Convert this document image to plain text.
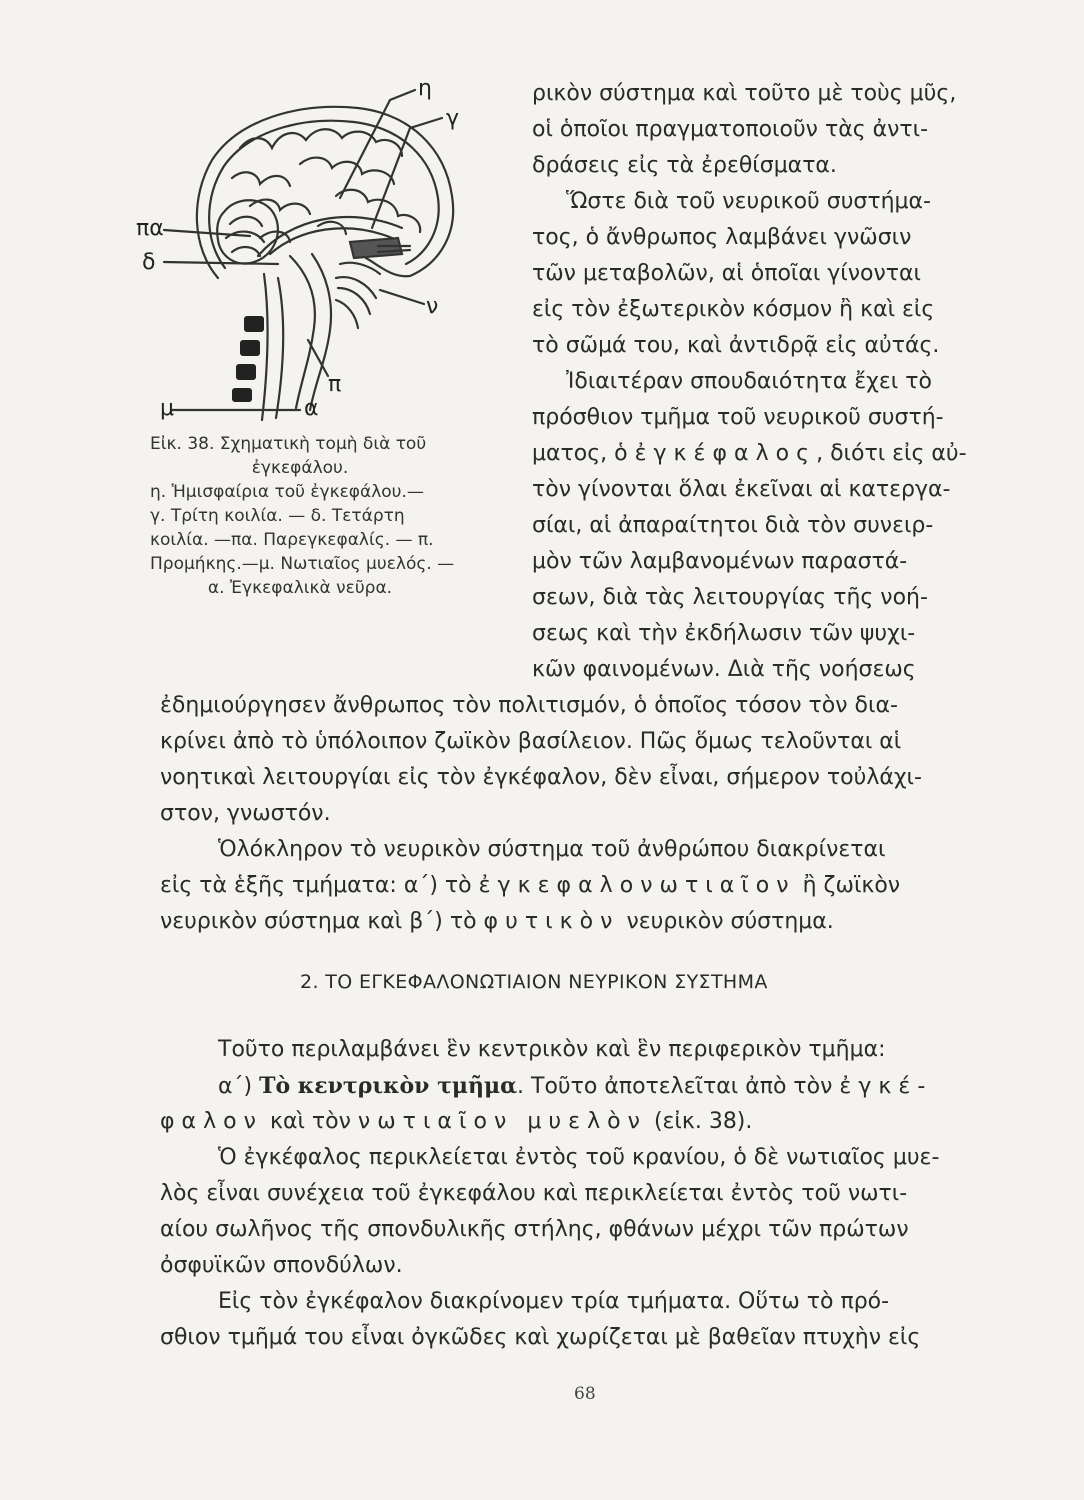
η
γ
πα
δ
ν
π
μ	α
Εἰκ. 38. Σχηματικὴ τομὴ διὰ τοῦ
ἐγκεφάλου.
η. Ἡμισφαίρια τοῦ ἐγκεφάλου.—
γ. Τρίτη κοιλία. — δ. Τετάρτη
κοιλία. —πα. Παρεγκεφαλίς. — π.
Προμήκης.—μ. Νωτιαῖος μυελός. —
α. Ἐγκεφαλικὰ νεῦρα.
ρικὸν σύστημα καὶ τοῦτο μὲ τοὺς μῦς,
οἱ ὁποῖοι πραγματοποιοῦν τὰς ἀντι-
δράσεις εἰς τὰ ἐρεθίσματα.
Ὥστε διὰ τοῦ νευρικοῦ συστήμα-
τος, ὁ ἄνθρωπος λαμβάνει γνῶσιν
τῶν μεταβολῶν, αἱ ὁποῖαι γίνονται
εἰς τὸν ἐξωτερικὸν κόσμον ἢ καὶ εἰς
τὸ σῶμά του, καὶ ἀντιδρᾷ εἰς αὐτάς.
Ἰδιαιτέραν σπουδαιότητα ἔχει τὸ
πρόσθιον τμῆμα τοῦ νευρικοῦ συστή-
ματος, ὁ ἐγκέφαλος, διότι εἰς αὐ-
τὸν γίνονται ὅλαι ἐκεῖναι αἱ κατεργα-
σίαι, αἱ ἀπαραίτητοι διὰ τὸν συνειρ-
μὸν τῶν λαμβανομένων παραστά-
σεων, διὰ τὰς λειτουργίας τῆς νοή-
σεως καὶ τὴν ἐκδήλωσιν τῶν ψυχι-
κῶν φαινομένων. Διὰ τῆς νοήσεως
ἐδημιούργησεν ἄνθρωπος τὸν πολιτισμόν, ὁ ὁποῖος τόσον τὸν δια-
κρίνει ἀπὸ τὸ ὑπόλοιπον ζωϊκὸν βασίλειον. Πῶς ὅμως τελοῦνται αἱ
νοητικαὶ λειτουργίαι εἰς τὸν ἐγκέφαλον, δὲν εἶναι, σήμερον τοὐλάχι-
στον, γνωστόν.
Ὁλόκληρον τὸ νευρικὸν σύστημα τοῦ ἀνθρώπου διακρίνεται
εἰς τὰ ἑξῆς τμήματα: α΄) τὸ ἐγκεφαλονωτιαῖον ἢ ζωϊκὸν
νευρικὸν σύστημα καὶ β΄) τὸ φυτικὸν νευρικὸν σύστημα.
2. ΤΟ ΕΓΚΕΦΑΛΟΝΩΤΙΑΙΟΝ ΝΕΥΡΙΚΟΝ ΣΥΣΤΗΜΑ
Τοῦτο περιλαμβάνει ἓν κεντρικὸν καὶ ἓν περιφερικὸν τμῆμα:
α΄) Τὸ κεντρικὸν τμῆμα. Τοῦτο ἀποτελεῖται ἀπὸ τὸν ἐγκέ-
φαλον καὶ τὸν νωτιαῖον μυελὸν (εἰκ. 38).
Ὁ ἐγκέφαλος περικλείεται ἐντὸς τοῦ κρανίου, ὁ δὲ νωτιαῖος μυε-
λὸς εἶναι συνέχεια τοῦ ἐγκεφάλου καὶ περικλείεται ἐντὸς τοῦ νωτι-
αίου σωλῆνος τῆς σπονδυλικῆς στήλης, φθάνων μέχρι τῶν πρώτων
ὀσφυϊκῶν σπονδύλων.
Εἰς τὸν ἐγκέφαλον διακρίνομεν τρία τμήματα. Οὕτω τὸ πρό-
σθιον τμῆμά του εἶναι ὀγκῶδες καὶ χωρίζεται μὲ βαθεῖαν πτυχὴν εἰς
68
